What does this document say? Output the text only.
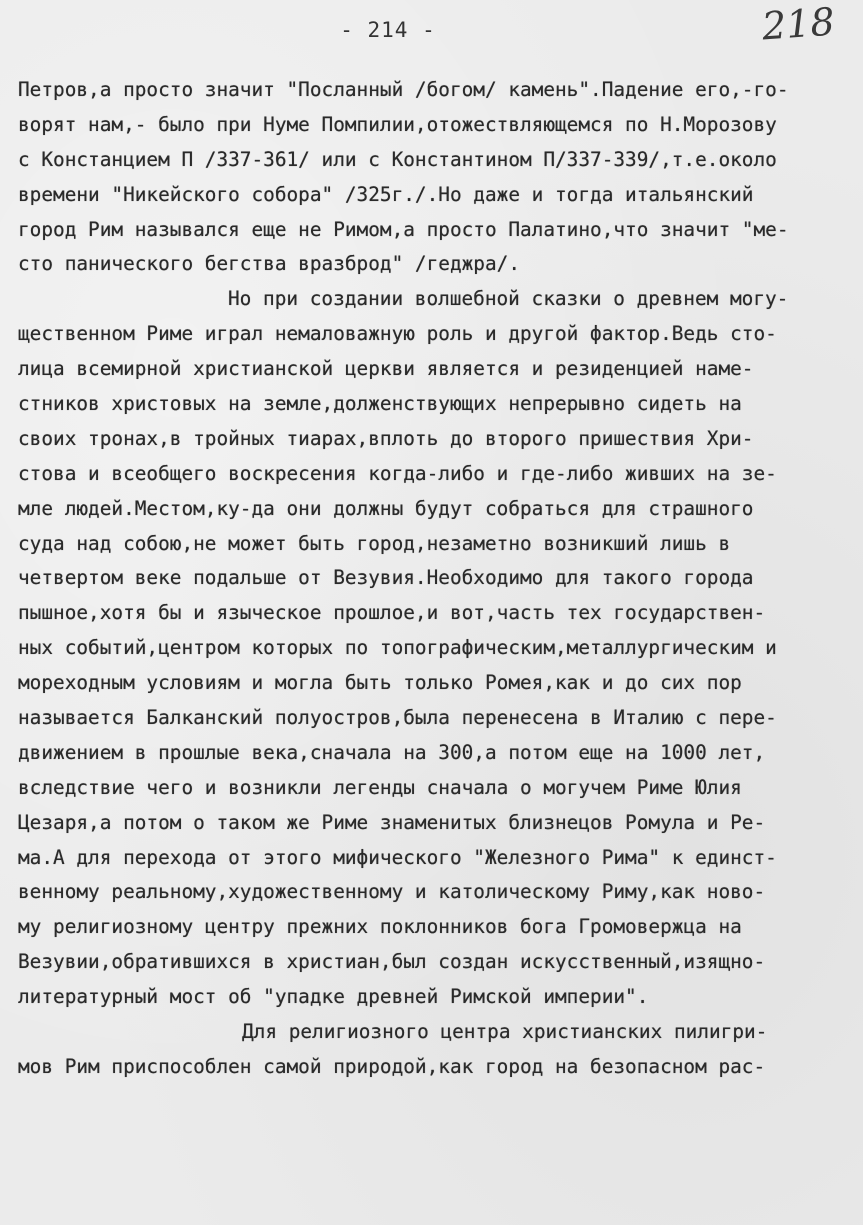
- 214 -	218
Петров,а просто значит "Посланный /богом/ камень".Падение его,-го-
ворят нам,- было при Нуме Помпилии,отожествляющемся по Н.Морозову
с Констанцием П /337-361/ или с Константином П/337-339/,т.е.около
времени "Никейского собора" /325г./.Но даже и тогда итальянский
город Рим назывался еще не Римом,а просто Палатино,что значит "ме-
сто панического бегства вразброд" /геджра/.
Но при создании волшебной сказки о древнем могу-
щественном Риме играл немаловажную роль и другой фактор.Ведь сто-
лица всемирной христианской церкви является и резиденцией наме-
стников христовых на земле,долженствующих непрерывно сидеть на
своих тронах,в тройных тиарах,вплоть до второго пришествия Хри-
стова и всеобщего воскресения когда-либо и где-либо живших на зе-
мле людей.Местом,ку-да они должны будут собраться для страшного
суда над собою,не может быть город,незаметно возникший лишь в
четвертом веке подальше от Везувия.Необходимо для такого города
пышное,хотя бы и языческое прошлое,и вот,часть тех государствен-
ных событий,центром которых по топографическим,металлургическим и
мореходным условиям и могла быть только Ромея,как и до сих пор
называется Балканский полуостров,была перенесена в Италию с пере-
движением в прошлые века,сначала на 300,а потом еще на 1000 лет,
вследствие чего и возникли легенды сначала о могучем Риме Юлия
Цезаря,а потом о таком же Риме знаменитых близнецов Ромула и Ре-
ма.А для перехода от этого мифического "Железного Рима" к единст-
венному реальному,художественному и католическому Риму,как ново-
му религиозному центру прежних поклонников бога Громовержца на
Везувии,обратившихся в христиан,был создан искусственный,изящно-
литературный мост об "упадке древней Римской империи".
Для религиозного центра христианских пилигри-
мов Рим приспособлен самой природой,как город на безопасном рас-
